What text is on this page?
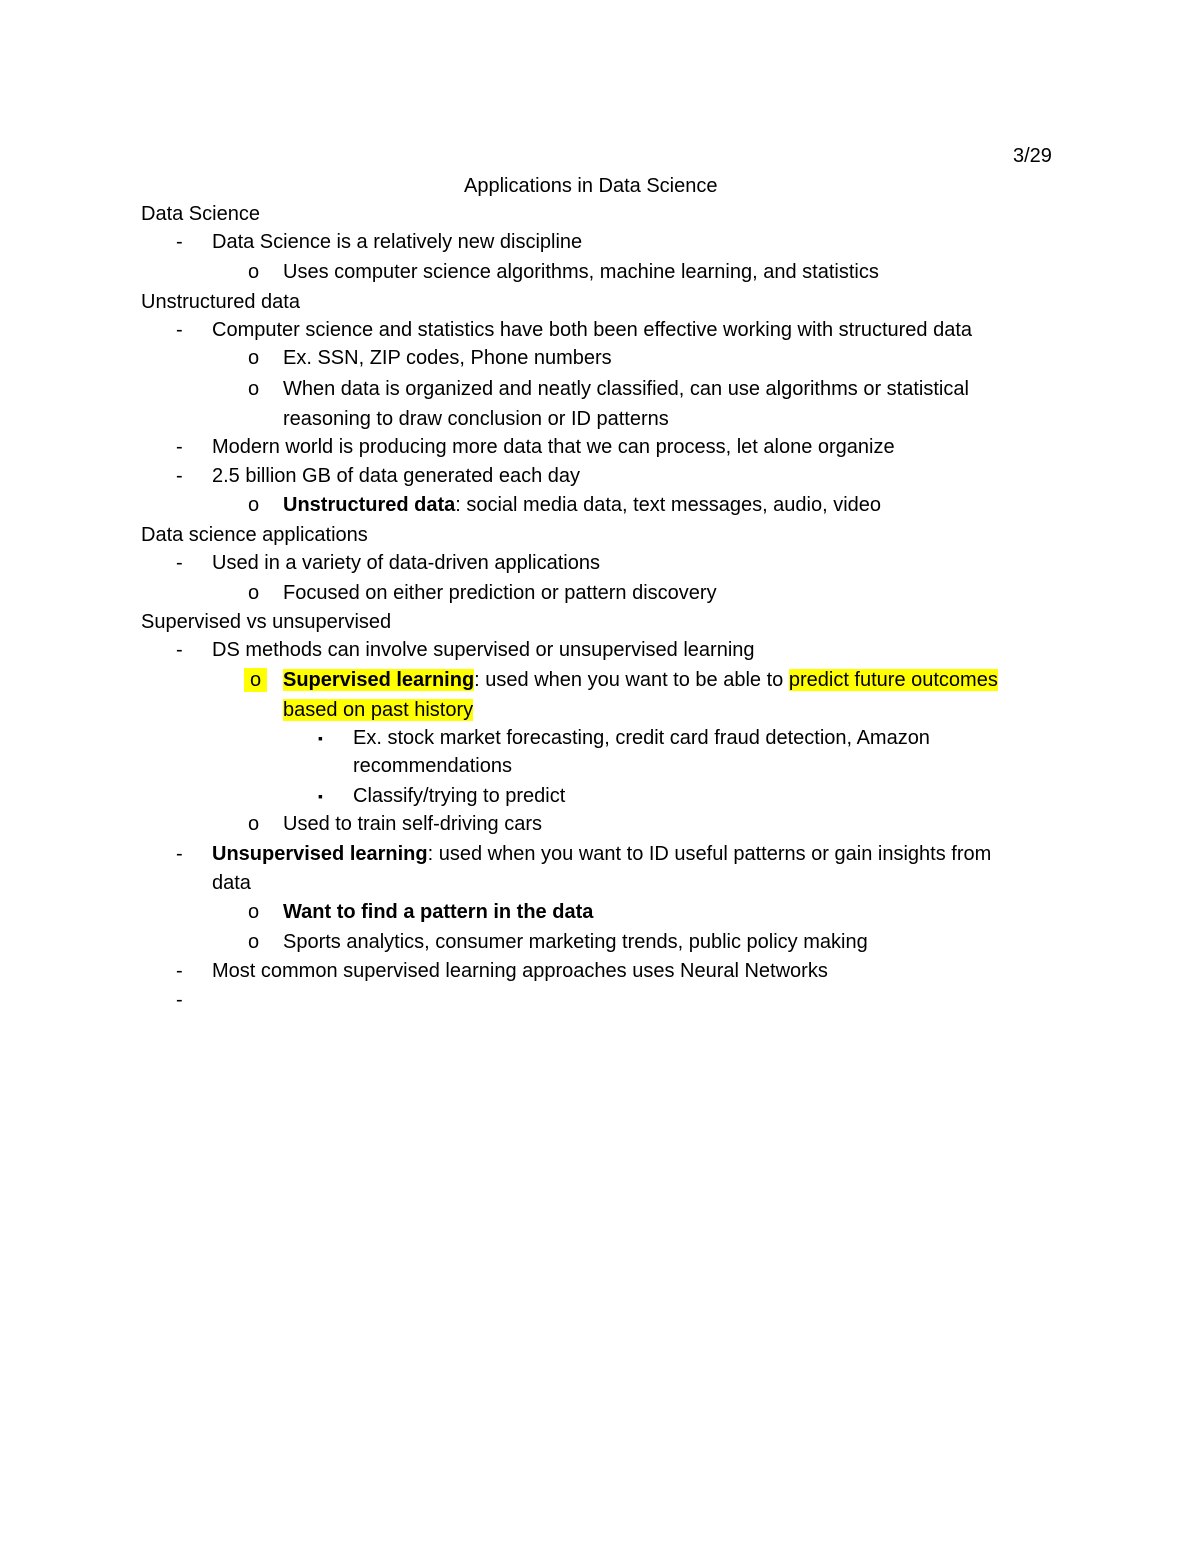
3/29
Applications in Data Science
Data Science
- Data Science is a relatively new discipline
o Uses computer science algorithms, machine learning, and statistics
Unstructured data
- Computer science and statistics have both been effective working with structured data
o Ex. SSN, ZIP codes, Phone numbers
o When data is organized and neatly classified, can use algorithms or statistical
reasoning to draw conclusion or ID patterns
- Modern world is producing more data that we can process, let alone organize
- 2.5 billion GB of data generated each day
o Unstructured data: social media data, text messages, audio, video
Data science applications
- Used in a variety of data-driven applications
o Focused on either prediction or pattern discovery
Supervised vs unsupervised
- DS methods can involve supervised or unsupervised learning
o	Supervised learning: used when you want to be able to predict future outcomes
based on past history
▪ Ex. stock market forecasting, credit card fraud detection, Amazon
recommendations
▪ Classify/trying to predict
o Used to train self-driving cars
- Unsupervised learning: used when you want to ID useful patterns or gain insights from
data
o Want to find a pattern in the data
o Sports analytics, consumer marketing trends, public policy making
- Most common supervised learning approaches uses Neural Networks
-
